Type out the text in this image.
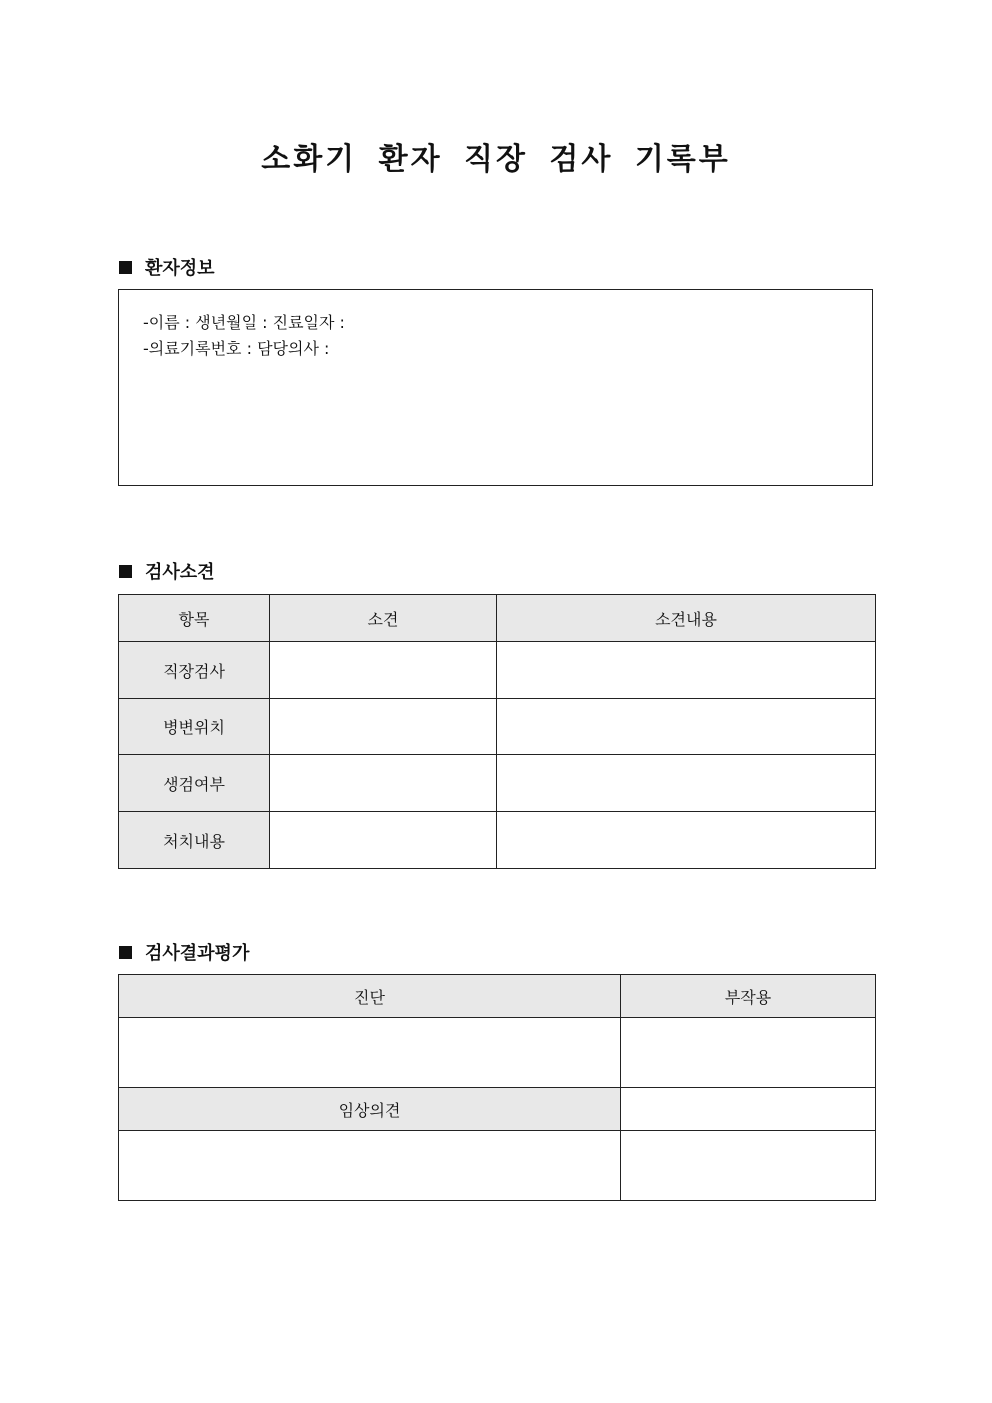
소화기 환자 직장 검사 기록부
환자정보
-이름 : 생년월일 : 진료일자 :
-의료기록번호 : 담당의사 :
검사소견
항목	소견	소견내용
직장검사		
병변위치		
생검여부		
처치내용		
검사결과평가
진단	부작용

임상의견	
